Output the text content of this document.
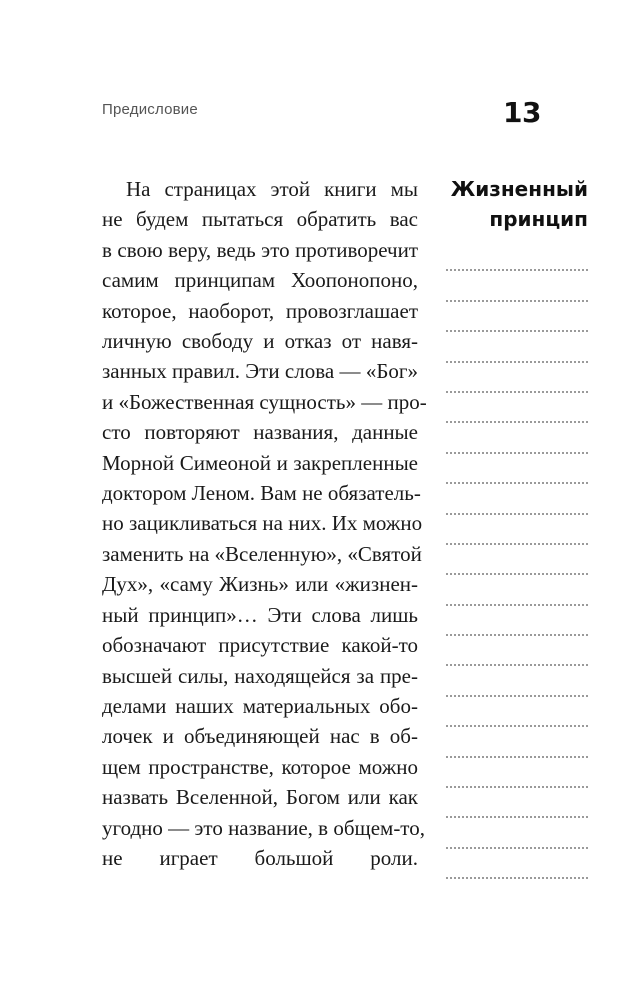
Предисловие	13
На страницах этой книги мы
не будем пытаться обратить вас
в свою веру, ведь это противоречит
самим принципам Хоопонопоно,
которое, наоборот, провозглашает
личную свободу и отказ от навя-
занных правил. Эти слова — «Бог»
и «Божественная сущность» — про-
сто повторяют названия, данные
Морной Симеоной и закрепленные
доктором Леном. Вам не обязатель-
но зацикливаться на них. Их можно
заменить на «Вселенную», «Святой
Дух», «саму Жизнь» или «жизнен-
ный принцип»… Эти слова лишь
обозначают присутствие какой-то
высшей силы, находящейся за пре-
делами наших материальных обо-
лочек и объединяющей нас в об-
щем пространстве, которое можно
назвать Вселенной, Богом или как
угодно — это название, в общем-то,
не играет большой роли.
Жизненный
принцип
